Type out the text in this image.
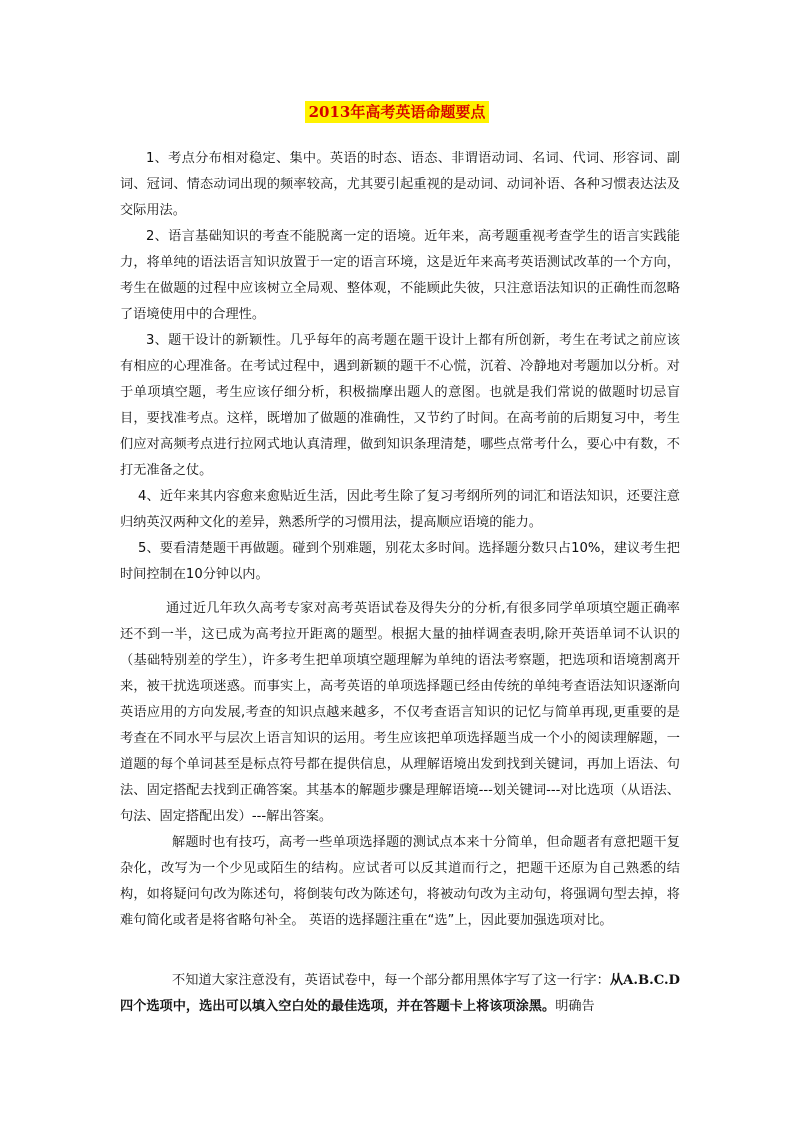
2013年高考英语命题要点

1、考点分布相对稳定、集中。英语的时态、语态、非谓语动词、名词、代词、形容词、副词、冠词、情态动词出现的频率较高，尤其要引起重视的是动词、动词补语、各种习惯表达法及交际用法。

2、语言基础知识的考查不能脱离一定的语境。近年来，高考题重视考查学生的语言实践能力，将单纯的语法语言知识放置于一定的语言环境，这是近年来高考英语测试改革的一个方向，考生在做题的过程中应该树立全局观、整体观，不能顾此失彼，只注意语法知识的正确性而忽略了语境使用中的合理性。

3、题干设计的新颖性。几乎每年的高考题在题干设计上都有所创新，考生在考试之前应该有相应的心理准备。在考试过程中，遇到新颖的题干不心慌，沉着、冷静地对考题加以分析。对于单项填空题，考生应该仔细分析，积极揣摩出题人的意图。也就是我们常说的做题时切忌盲目，要找准考点。这样，既增加了做题的准确性，又节约了时间。在高考前的后期复习中，考生们应对高频考点进行拉网式地认真清理，做到知识条理清楚，哪些点常考什么，要心中有数，不打无准备之仗。

4、近年来其内容愈来愈贴近生活，因此考生除了复习考纲所列的词汇和语法知识，还要注意归纳英汉两种文化的差异，熟悉所学的习惯用法，提高顺应语境的能力。

5、要看清楚题干再做题。碰到个别难题，别花太多时间。选择题分数只占10%，建议考生把时间控制在10分钟以内。

通过近几年玖久高考专家对高考英语试卷及得失分的分析,有很多同学单项填空题正确率还不到一半，这已成为高考拉开距离的题型。根据大量的抽样调查表明,除开英语单词不认识的（基础特别差的学生），许多考生把单项填空题理解为单纯的语法考察题，把选项和语境割离开来，被干扰选项迷惑。而事实上，高考英语的单项选择题已经由传统的单纯考查语法知识逐渐向英语应用的方向发展,考查的知识点越来越多，不仅考查语言知识的记忆与简单再现,更重要的是考查在不同水平与层次上语言知识的运用。考生应该把单项选择题当成一个小的阅读理解题，一道题的每个单词甚至是标点符号都在提供信息，从理解语境出发到找到关键词，再加上语法、句法、固定搭配去找到正确答案。其基本的解题步骤是理解语境---划关键词---对比选项（从语法、句法、固定搭配出发）---解出答案。

解题时也有技巧，高考一些单项选择题的测试点本来十分简单，但命题者有意把题干复杂化，改写为一个少见或陌生的结构。应试者可以反其道而行之，把题干还原为自己熟悉的结构，如将疑问句改为陈述句，将倒装句改为陈述句，将被动句改为主动句，将强调句型去掉，将难句简化或者是将省略句补全。 英语的选择题注重在“选”上，因此要加强选项对比。

不知道大家注意没有，英语试卷中，每一个部分都用黑体字写了这一行字：从A.B.C.D四个选项中，选出可以填入空白处的最佳选项，并在答题卡上将该项涂黑。明确告
